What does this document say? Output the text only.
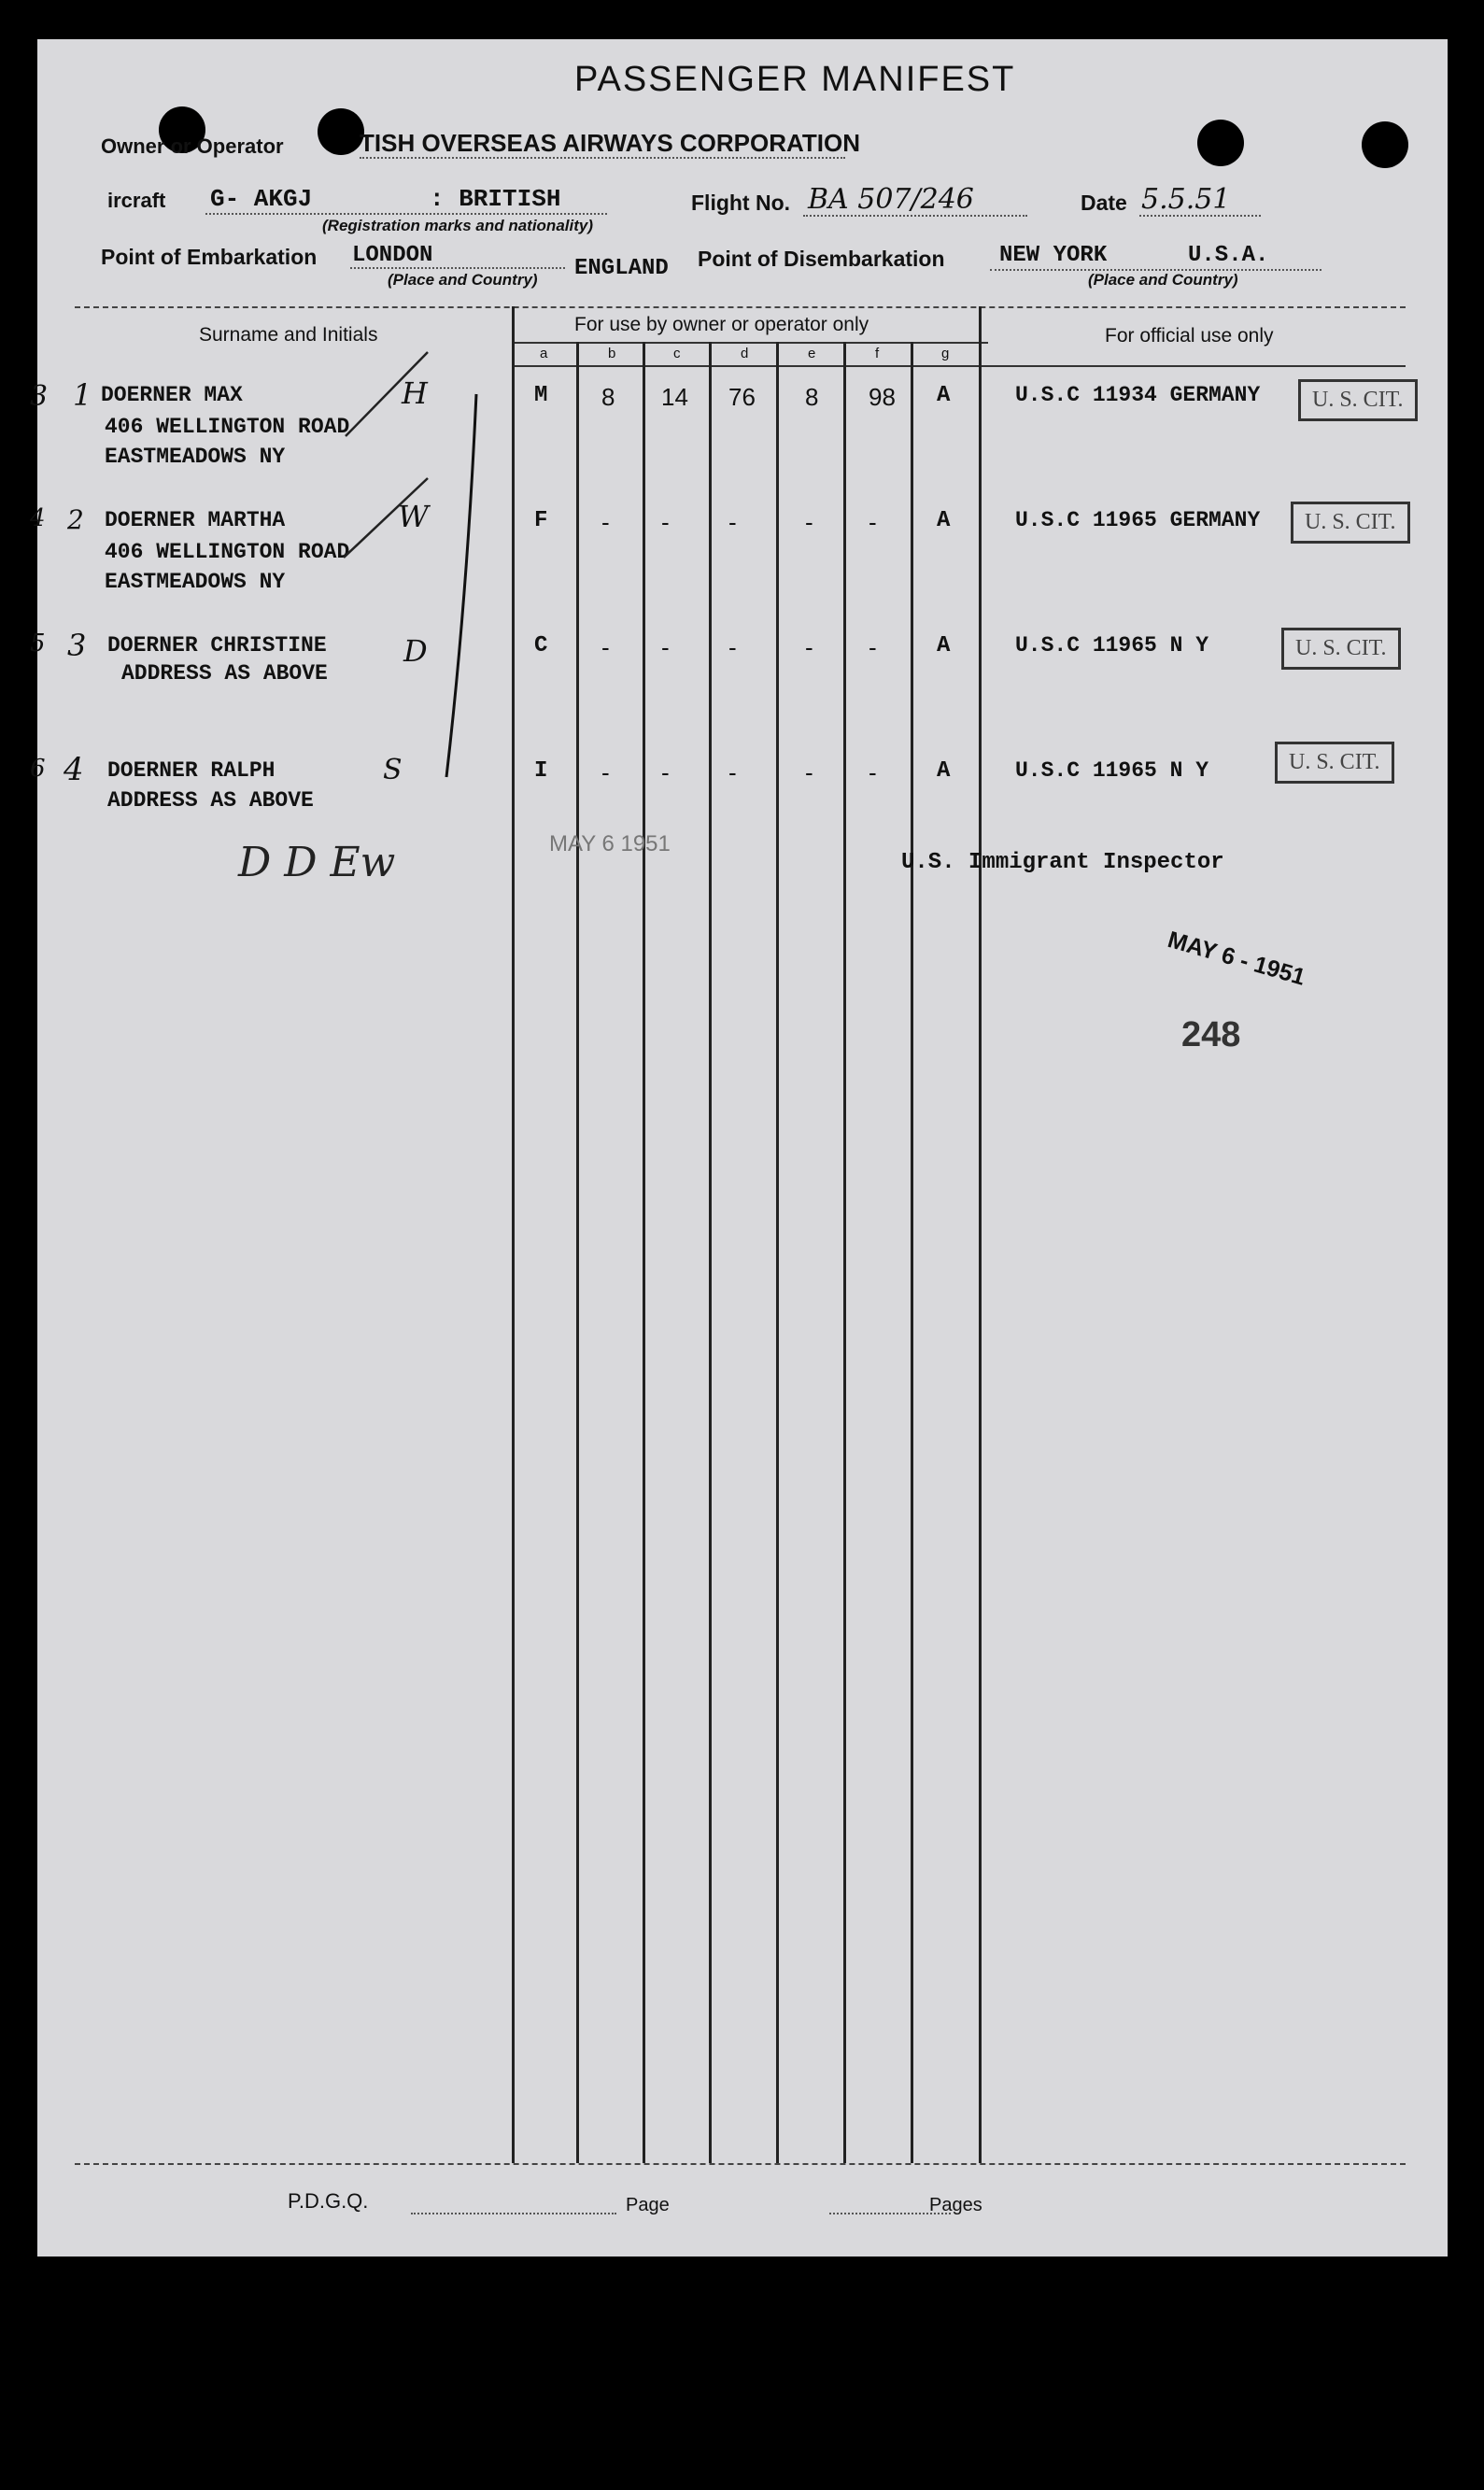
PASSENGER MANIFEST
Owner or Operator	TISH OVERSEAS AIRWAYS CORPORATION
ircraft G- AKGJ	: BRITISH
(Registration marks and nationality)
Flight No. BA 507/246	Date 5.5.51
Point of Embarkation LONDON
ENGLAND
(Place and Country)
Point of Disembarkation NEW YORK	U.S.A.
(Place and Country)
Surname and Initials	For use by owner or operator only
For official use only
a	b	c	d	e	f	g
3 1 DOERNER MAX
406 WELLINGTON ROAD
EASTMEADOWS NY
H	M 8 14 76 8 98 A	U.S.C 11934 GERMANY	U. S. CIT.
4 2 DOERNER MARTHA
406 WELLINGTON ROAD
EASTMEADOWS NY
W	F - - -	- -	A	U.S.C 11965 GERMANY	U. S. CIT.
5 3 DOERNER CHRISTINE
ADDRESS AS ABOVE
D	C - - -	- -	A	U.S.C 11965 N Y	U. S. CIT.
6 4 DOERNER RALPH
ADDRESS AS ABOVE
S	I - - -	- -	A	U.S.C 11965 N Y	U. S. CIT.
D D Ew	MAY 6 1951
U.S. Immigrant Inspector
MAY 6 - 1951
248
P.D.G.Q.	Page	Pages
